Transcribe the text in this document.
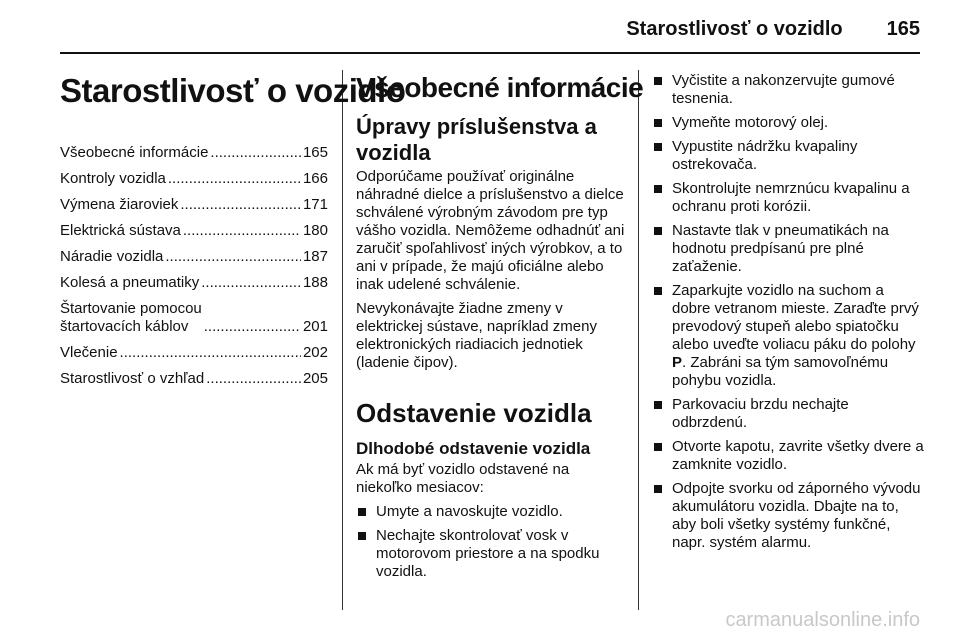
Starostlivosť o vozidlo 165
Starostlivosť o vozidlo
Všeobecné informácie .....	165
Kontroly vozidla .....	166
Výmena žiaroviek .....	171
Elektrická sústava .....	180
Náradie vozidla .....	187
Kolesá a pneumatiky .....	188
Štartovanie pomocou
štartovacích káblov .....	201
Vlečenie .....	202
Starostlivosť o vzhľad .....	205
Všeobecné informácie
Úpravy príslušenstva a vozidla

Odporúčame používať originálne náhradné dielce a príslušenstvo a dielce schválené výrobným závodom pre typ vášho vozidla. Nemôžeme odhadnúť ani zaručiť spoľahlivosť iných výrobkov, a to ani v prípade, že majú oficiálne alebo inak udelené schválenie.

Nevykonávajte žiadne zmeny v elektrickej sústave, napríklad zmeny elektronických riadiacich jednotiek (ladenie čipov).

Odstavenie vozidla
Dlhodobé odstavenie vozidla

Ak má byť vozidlo odstavené na niekoľko mesiacov:

Umyte a navoskujte vozidlo.
Nechajte skontrolovať vosk v motorovom priestore a na spodku vozidla.
Vyčistite a nakonzervujte gumové tesnenia.
Vymeňte motorový olej.
Vypustite nádržku kvapaliny ostrekovača.
Skontrolujte nemrznúcu kvapalinu a ochranu proti korózii.
Nastavte tlak v pneumatikách na hodnotu predpísanú pre plné zaťaženie.
Zaparkujte vozidlo na suchom a dobre vetranom mieste. Zaraďte prvý prevodový stupeň alebo spiatočku alebo uveďte voliacu páku do polohy P. Zabráni sa tým samovoľnému pohybu vozidla.
Parkovaciu brzdu nechajte odbrzdenú.
Otvorte kapotu, zavrite všetky dvere a zamknite vozidlo.
Odpojte svorku od záporného vývodu akumulátoru vozidla. Dbajte na to, aby boli všetky systémy funkčné, napr. systém alarmu.
carmanualsonline.info
